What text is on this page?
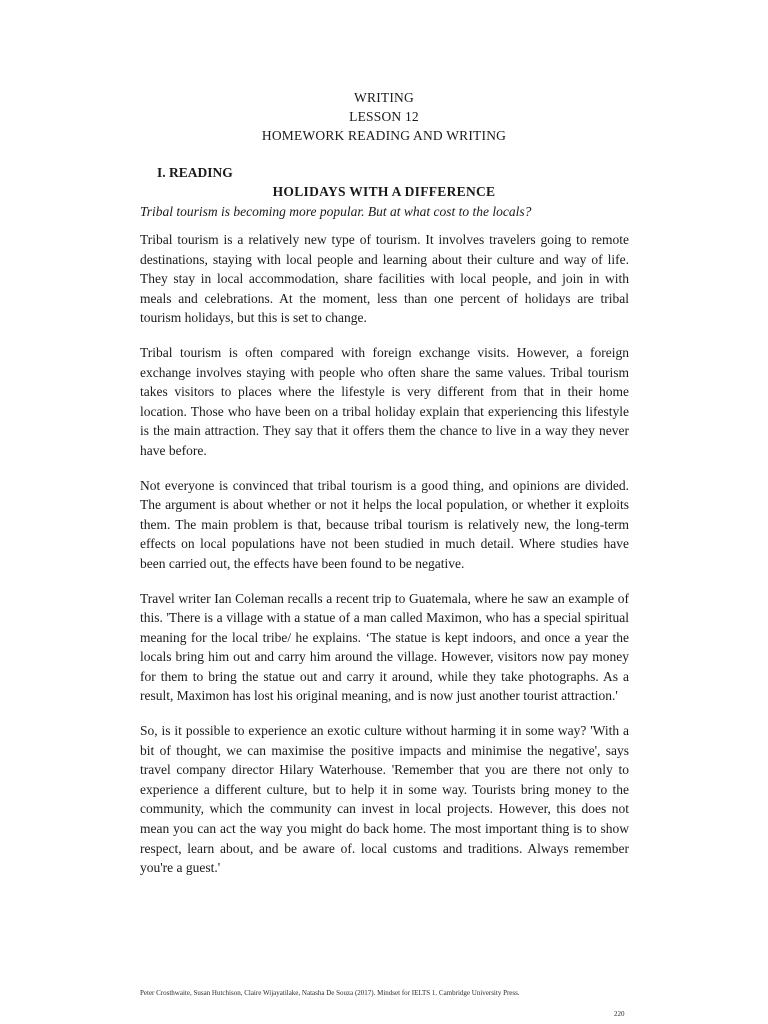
WRITING
LESSON 12
HOMEWORK READING AND WRITING
I. READING
HOLIDAYS WITH A DIFFERENCE
Tribal tourism is becoming more popular. But at what cost to the locals?

Tribal tourism is a relatively new type of tourism. It involves travelers going to remote destinations, staying with local people and learning about their culture and way of life. They stay in local accommodation, share facilities with local people, and join in with meals and celebrations. At the moment, less than one percent of holidays are tribal tourism holidays, but this is set to change.

Tribal tourism is often compared with foreign exchange visits. However, a foreign exchange involves staying with people who often share the same values. Tribal tourism takes visitors to places where the lifestyle is very different from that in their home location. Those who have been on a tribal holiday explain that experiencing this lifestyle is the main attraction. They say that it offers them the chance to live in a way they never have before.

Not everyone is convinced that tribal tourism is a good thing, and opinions are divided. The argument is about whether or not it helps the local population, or whether it exploits them. The main problem is that, because tribal tourism is relatively new, the long-term effects on local populations have not been studied in much detail. Where studies have been carried out, the effects have been found to be negative.

Travel writer Ian Coleman recalls a recent trip to Guatemala, where he saw an example of this. 'There is a village with a statue of a man called Maximon, who has a special spiritual meaning for the local tribe/ he explains. ‘The statue is kept indoors, and once a year the locals bring him out and carry him around the village. However, visitors now pay money for them to bring the statue out and carry it around, while they take photographs. As a result, Maximon has lost his original meaning, and is now just another tourist attraction.'

So, is it possible to experience an exotic culture without harming it in some way? 'With a bit of thought, we can maximise the positive impacts and minimise the negative', says travel company director Hilary Waterhouse. 'Remember that you are there not only to experience a different culture, but to help it in some way. Tourists bring money to the community, which the community can invest in local projects. However, this does not mean you can act the way you might do back home. The most important thing is to show respect, learn about, and be aware of. local customs and traditions. Always remember you're a guest.'

Peter Crosthwaite, Susan Hutchison, Claire Wijayatilake, Natasha De Souza (2017). Mindset for IELTS 1. Cambridge University Press.
220
